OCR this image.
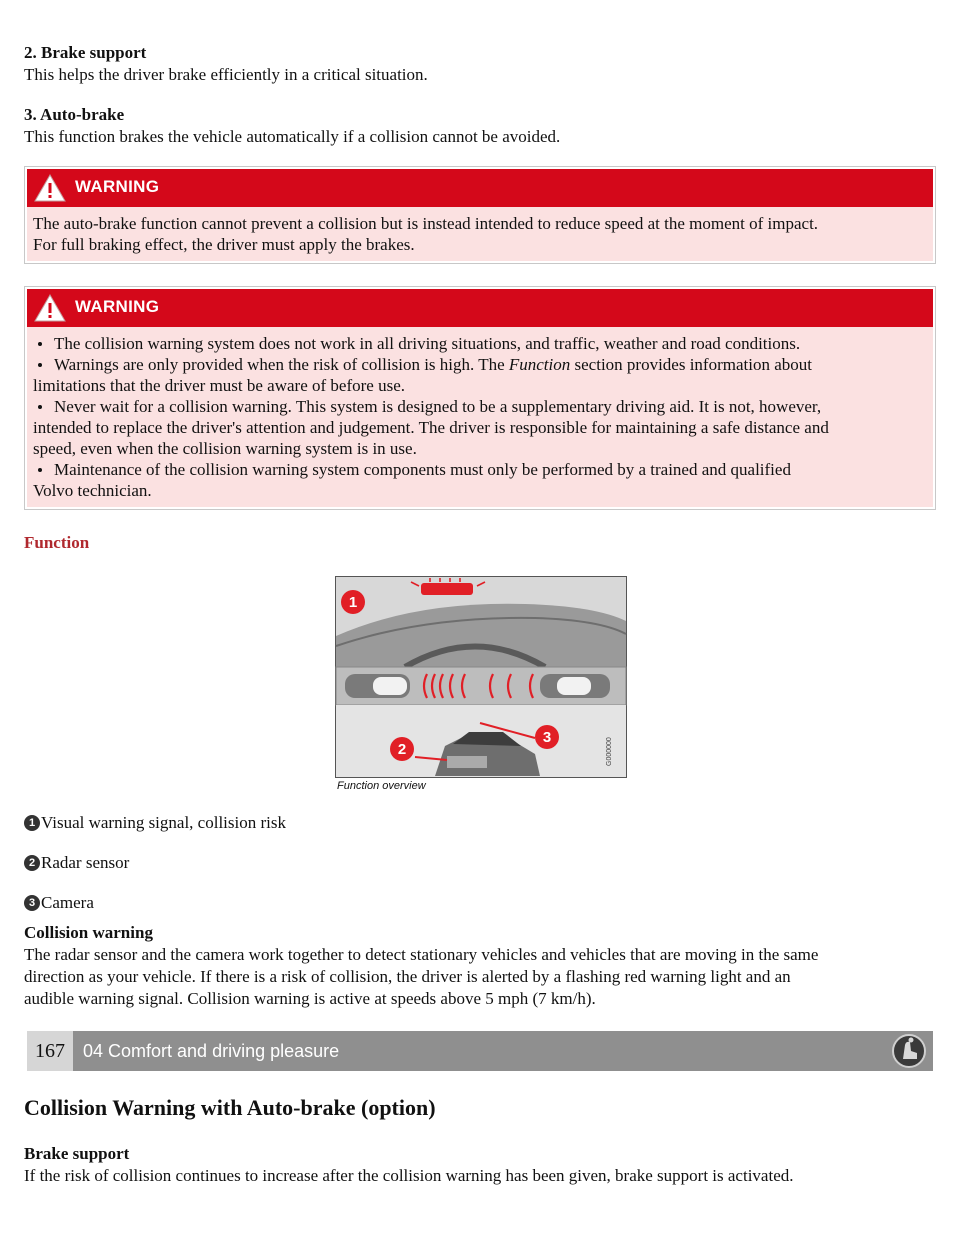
2. Brake support

This helps the driver brake efficiently in a critical situation.

3. Auto-brake

This function brakes the vehicle automatically if a collision cannot be avoided.

WARNING
The auto-brake function cannot prevent a collision but is instead intended to reduce speed at the moment of impact.
For full braking effect, the driver must apply the brakes.
WARNING
The collision warning system does not work in all driving situations, and traffic, weather and road conditions.
Warnings are only provided when the risk of collision is high. The Function section provides information about
limitations that the driver must be aware of before use.
Never wait for a collision warning. This system is designed to be a supplementary driving aid. It is not, however,
intended to replace the driver's attention and judgement. The driver is responsible for maintaining a safe distance and
speed, even when the collision warning system is in use.
Maintenance of the collision warning system components must only be performed by a trained and qualified
Volvo technician.

Function

G000000
1
2
3
Function overview
1 Visual warning signal, collision risk
2 Radar sensor
3 Camera

Collision warning

The radar sensor and the camera work together to detect stationary vehicles and vehicles that are moving in the same

direction as your vehicle. If there is a risk of collision, the driver is alerted by a flashing red warning light and an

audible warning signal. Collision warning is active at speeds above 5 mph (7 km/h).

167	04 Comfort and driving pleasure
Collision Warning with Auto-brake (option)

Brake support

If the risk of collision continues to increase after the collision warning has been given, brake support is activated.
